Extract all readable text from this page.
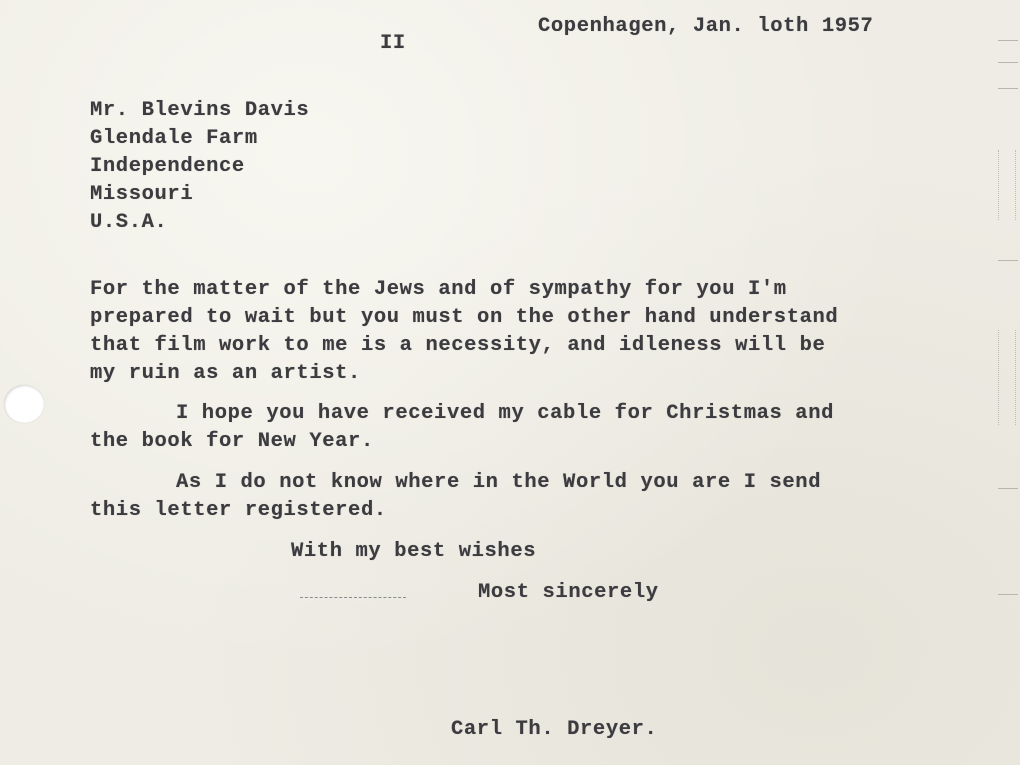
II
Copenhagen, Jan. loth 1957
Mr. Blevins Davis
Glendale Farm
Independence
Missouri
U.S.A.
For the matter of the Jews and of sympathy for you I'm
prepared to wait but you must on the other hand understand
that film work to me is a necessity, and idleness will be
my ruin as an artist.
I hope you have received my cable for Christmas and
the book for New Year.
As I do not know where in the World you are I send
this letter registered.
With my best wishes
Most sincerely
Carl Th. Dreyer.
